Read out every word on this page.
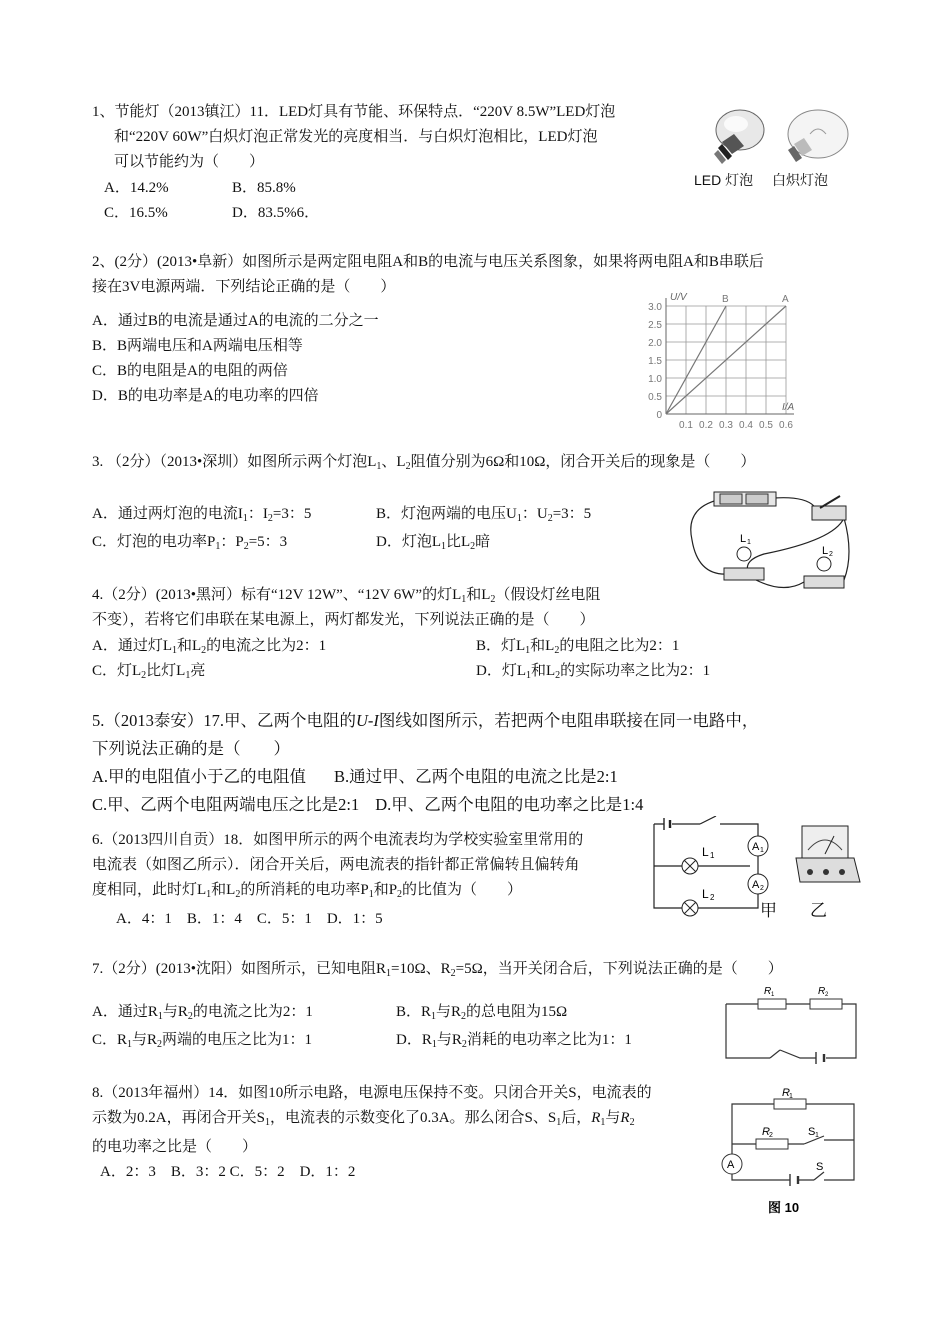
1、节能灯（2013镇江）11．LED灯具有节能、环保特点．“220V 8.5W”LED灯泡
和“220V 60W”白炽灯泡正常发光的亮度相当．与白炽灯泡相比，LED灯泡
可以节能约为（　　）
A．14.2%	B．85.8%
C．16.5%	D．83.5%6．
LED 灯泡 白炽灯泡
2、(2分）(2013•阜新）如图所示是两定阻电阻A和B的电流与电压关系图象，如果将两电阻A和B串联后
接在3V电源两端．下列结论正确的是（　　）
A．通过B的电流是通过A的电流的二分之一
B．B两端电压和A两端电压相等
C．B的电阻是A的电阻的两倍
D．B的电功率是A的电功率的四倍
0
0.5
1.0
1.5
2.0
2.5
3.0
0.1 0.2 0.3 0.4 0.5 0.6
B	A
U/V
I/A
3. （2分）（2013•深圳）如图所示两个灯泡$L_1$、$L_2$阻值分别为6Ω和10Ω，闭合开关后的现象是（　　）
A．通过两灯泡的电流$I_1$：$I_2=3$：5	B．灯泡两端的电压$U_1$：$U_2=3$：5
C．灯泡的电功率$P_1$：$P_2=5$：3	D．灯泡$L_1$比$L_2$暗	L 1
L 2
4.（2分）(2013•黑河）标有“12V 12W”、“12V 6W”的灯$L_1$和$L_2$（假设灯丝电阻
不变），若将它们串联在某电源上，两灯都发光，下列说法正确的是（　　）
A．通过灯$L_1$和$L_2$的电流之比为2：1	B．灯$L_1$和$L_2$的电阻之比为2：1
C．灯$L_2$比灯$L_1$亮	D．灯$L_1$和$L_2$的实际功率之比为2：1
5.（2013泰安）17.甲、乙两个电阻的U-I图线如图所示，若把两个电阻串联接在同一电路中，
下列说法正确的是（　　）
A.甲的电阻值小于乙的电阻值 B.通过甲、乙两个电阻的电流之比是2:1
C.甲、乙两个电阻两端电压之比是2:1 D.甲、乙两个电阻的电功率之比是1:4
6.（2013四川自贡）18．如图甲所示的两个电流表均为学校实验室里常用的
电流表（如图乙所示）．闭合开关后，两电流表的指针都正常偏转且偏转角
度相同，此时灯$L_1$和$L_2$的所消耗的电功率$P_1$和$P_2$的比值为（　　）
A．4：1　B．1：4　C．5：1　D．1：5
A 1
A 2
L 1
L 2
甲 乙
7.（2分）(2013•沈阳）如图所示，已知电阻$R_1=10\Omega$、$R_2=5\Omega$，当开关闭合后，下列说法正确的是（　　）
A．通过$R_1$与$R_2$的电流之比为2：1	B．$R_1$与$R_2$的总电阻为15Ω
C．$R_1$与$R_2$两端的电压之比为1：1	D．$R_1$与$R_2$消耗的电功率之比为1：1
R 1	R 2
8.（2013年福州）14．如图10所示电路，电源电压保持不变。只闭合开关S，电流表的
示数为0.2A，再闭合开关$S_1$，电流表的示数变化了0.3A。那么闭合S、$S_1$后，$R_1$与$R_2$
的电功率之比是（　　）
A．2：3　B．3：2 C．5：2　D．1：2	A
R 1
R 2	S 1
S
图 10
